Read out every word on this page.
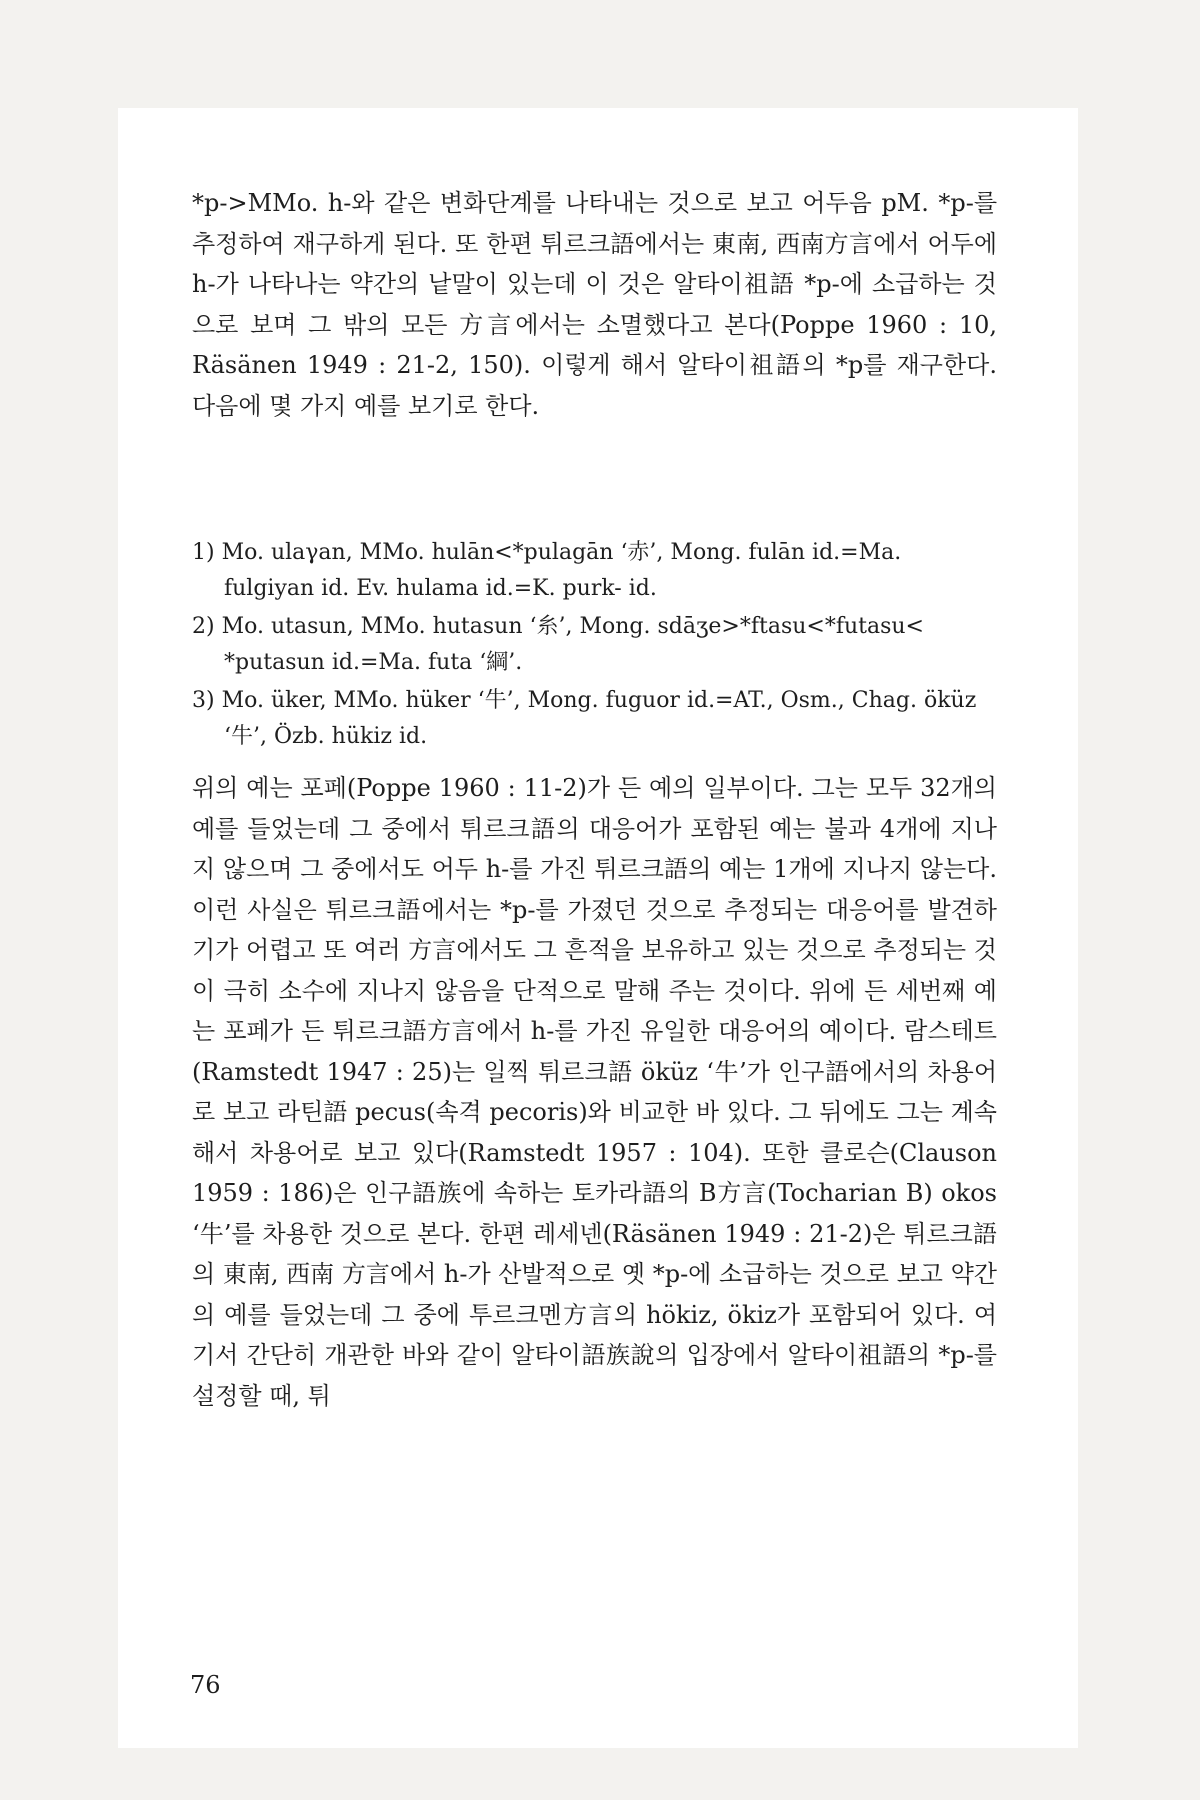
*p->MMo. h-와 같은 변화단계를 나타내는 것으로 보고 어두음 pM. *p-를 추정하여 재구하게 된다. 또 한편 튀르크語에서는 東南, 西南方言에서 어두에 h-가 나타나는 약간의 낱말이 있는데 이 것은 알타이祖語 *p-에 소급하는 것으로 보며 그 밖의 모든 方言에서는 소멸했다고 본다(Poppe 1960 : 10, Räsänen 1949 : 21-2, 150). 이렇게 해서 알타이祖語의 *p를 재구한다. 다음에 몇 가지 예를 보기로 한다.

1) Mo. ulaγan, MMo. hulān<*pulagān ‘赤’, Mong. fulān id.=Ma. fulgiyan id. Ev. hulama id.=K. purk- id.

2) Mo. utasun, MMo. hutasun ‘糸’, Mong. sdāʒe>*ftasu<*futasu< *putasun id.=Ma. futa ‘綱’.

3) Mo. üker, MMo. hüker ‘牛’, Mong. fuguor id.=AT., Osm., Chag. öküz ‘牛’, Özb. hükiz id.

위의 예는 포페(Poppe 1960 : 11-2)가 든 예의 일부이다. 그는 모두 32개의 예를 들었는데 그 중에서 튀르크語의 대응어가 포함된 예는 불과 4개에 지나지 않으며 그 중에서도 어두 h-를 가진 튀르크語의 예는 1개에 지나지 않는다. 이런 사실은 튀르크語에서는 *p-를 가졌던 것으로 추정되는 대응어를 발견하기가 어렵고 또 여러 方言에서도 그 흔적을 보유하고 있는 것으로 추정되는 것이 극히 소수에 지나지 않음을 단적으로 말해 주는 것이다. 위에 든 세번째 예는 포페가 든 튀르크語方言에서 h-를 가진 유일한 대응어의 예이다. 람스테트(Ramstedt 1947 : 25)는 일찍 튀르크語 öküz ‘牛’가 인구語에서의 차용어로 보고 라틴語 pecus(속격 pecoris)와 비교한 바 있다. 그 뒤에도 그는 계속해서 차용어로 보고 있다(Ramstedt 1957 : 104). 또한 클로슨(Clauson 1959 : 186)은 인구語族에 속하는 토카라語의 B方言(Tocharian B) okos ‘牛’를 차용한 것으로 본다. 한편 레세넨(Räsänen 1949 : 21-2)은 튀르크語의 東南, 西南 方言에서 h-가 산발적으로 옛 *p-에 소급하는 것으로 보고 약간의 예를 들었는데 그 중에 투르크멘方言의 hökiz, ökiz가 포함되어 있다. 여기서 간단히 개관한 바와 같이 알타이語族說의 입장에서 알타이祖語의 *p-를 설정할 때, 튀

76
